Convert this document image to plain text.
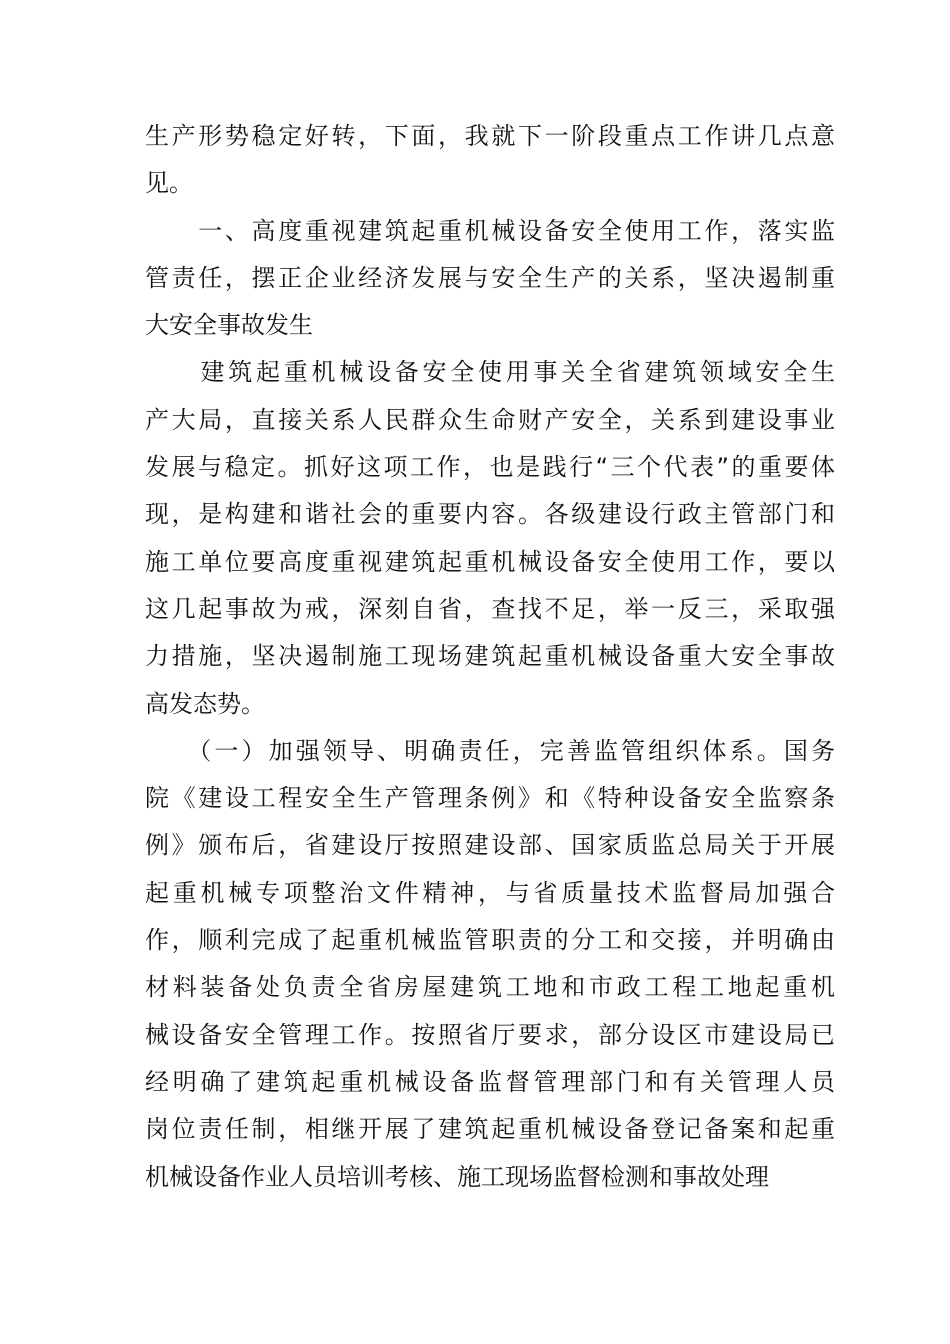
生产形势稳定好转，下面，我就下一阶段重点工作讲几点意
见。
　　一、高度重视建筑起重机械设备安全使用工作，落实监
管责任，摆正企业经济发展与安全生产的关系，坚决遏制重
大安全事故发生
　　建筑起重机械设备安全使用事关全省建筑领域安全生
产大局，直接关系人民群众生命财产安全，关系到建设事业
发展与稳定。抓好这项工作，也是践行“三个代表”的重要体
现，是构建和谐社会的重要内容。各级建设行政主管部门和
施工单位要高度重视建筑起重机械设备安全使用工作，要以
这几起事故为戒，深刻自省，查找不足，举一反三，采取强
力措施，坚决遏制施工现场建筑起重机械设备重大安全事故
高发态势。
　　（一）加强领导、明确责任，完善监管组织体系。国务
院《建设工程安全生产管理条例》和《特种设备安全监察条
例》颁布后，省建设厅按照建设部、国家质监总局关于开展
起重机械专项整治文件精神，与省质量技术监督局加强合
作，顺利完成了起重机械监管职责的分工和交接，并明确由
材料装备处负责全省房屋建筑工地和市政工程工地起重机
械设备安全管理工作。按照省厅要求，部分设区市建设局已
经明确了建筑起重机械设备监督管理部门和有关管理人员
岗位责任制，相继开展了建筑起重机械设备登记备案和起重
机械设备作业人员培训考核、施工现场监督检测和事故处理
